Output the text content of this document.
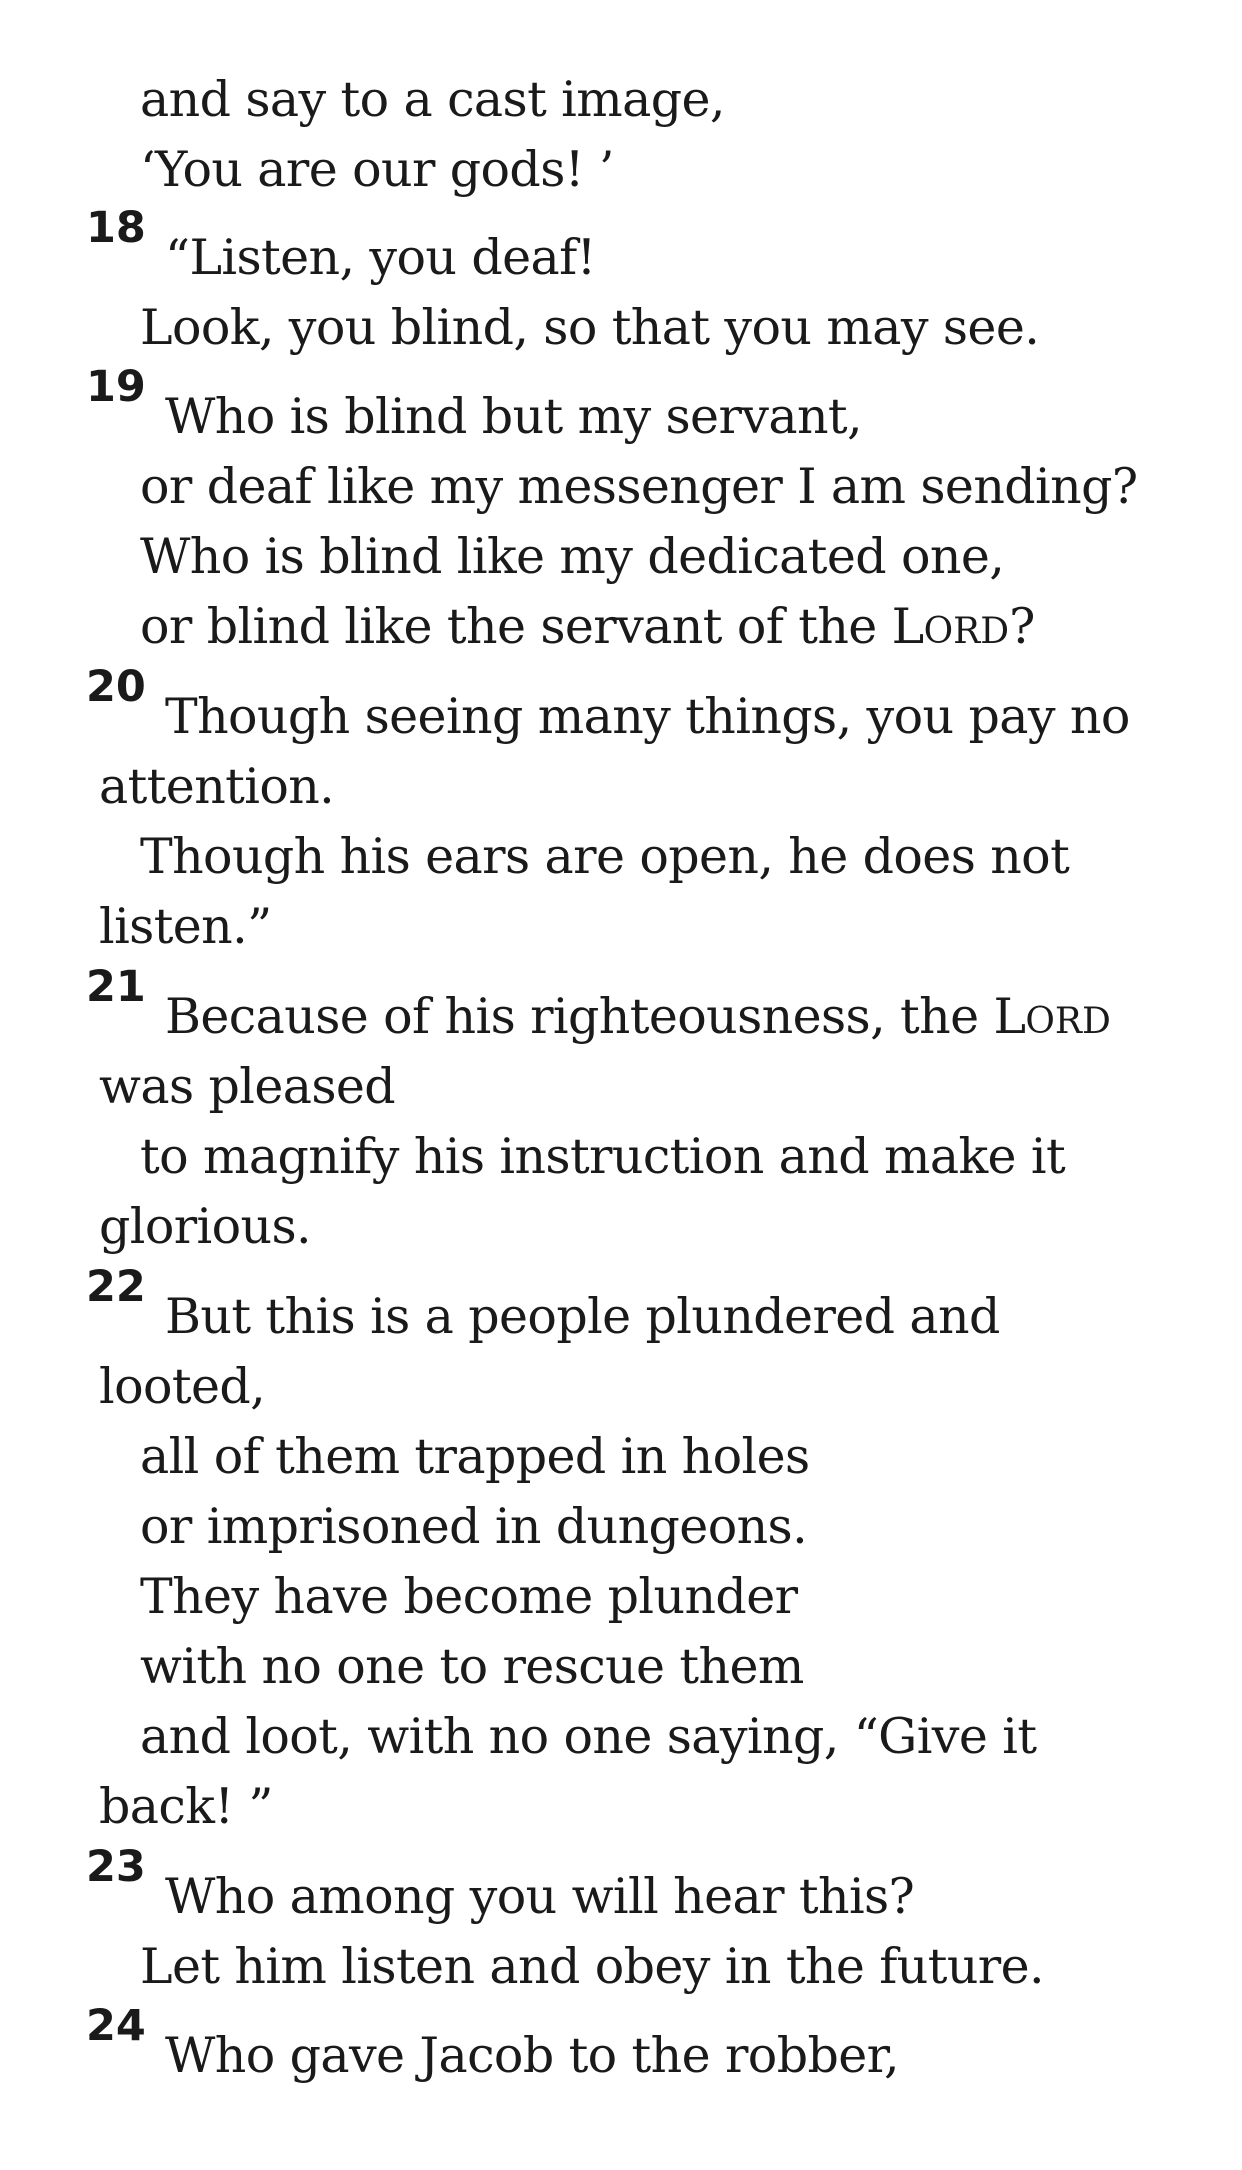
and say to a cast image,
‘You are our gods! ’
18
“Listen, you deaf!
Look, you blind, so that you may see.
19
Who is blind but my servant,
or deaf like my messenger I am sending?
Who is blind like my dedicated one,
or blind like the servant of the LORD?
20
Though seeing many things, you pay no
attention.
Though his ears are open, he does not
listen.”
21
Because of his righteousness, the LORD
was pleased
to magnify his instruction and make it
glorious.
22
But this is a people plundered and
looted,
all of them trapped in holes
or imprisoned in dungeons.
They have become plunder
with no one to rescue them
and loot, with no one saying, “Give it
back! ”
23
Who among you will hear this?
Let him listen and obey in the future.
24
Who gave Jacob to the robber,
